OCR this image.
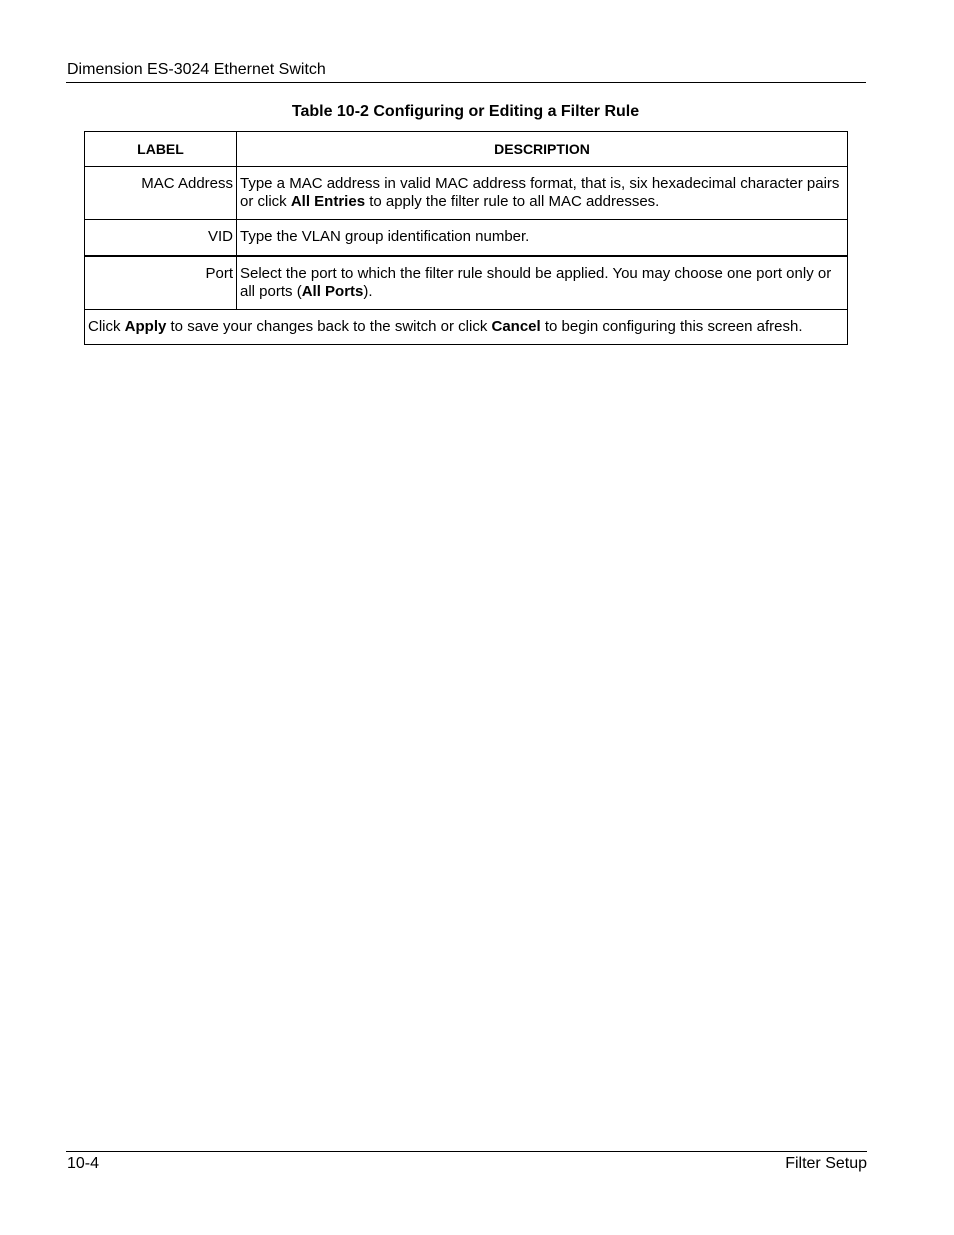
Dimension ES-3024 Ethernet Switch
Table 10-2 Configuring or Editing a Filter Rule
LABEL	DESCRIPTION
MAC Address	Type a MAC address in valid MAC address format, that is, six hexadecimal character pairs or click All Entries to apply the filter rule to all MAC addresses.
VID	Type the VLAN group identification number.
Port	Select the port to which the filter rule should be applied. You may choose one port only or all ports (All Ports).
Click Apply to save your changes back to the switch or click Cancel to begin configuring this screen afresh.	
10-4	Filter Setup
